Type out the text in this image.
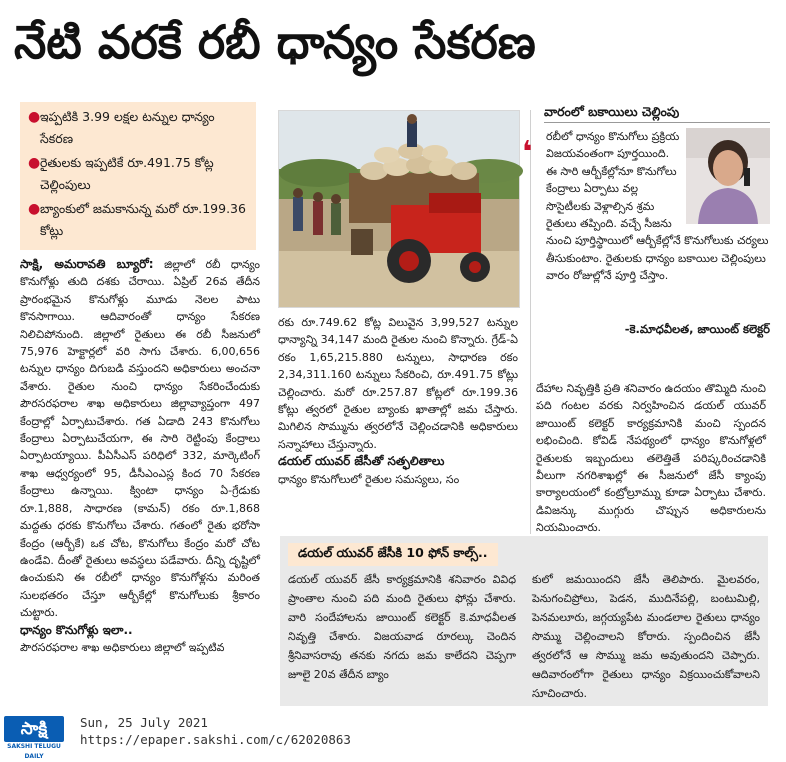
నేటి వరకే రబీ ధాన్యం సేకరణ
● ఇప్పటికి 3.99 లక్షల టన్నుల ధాన్యం సేకరణ
● రైతులకు ఇప్పటికే రూ.491.75 కోట్ల చెల్లింపులు
● బ్యాంకులో జమకానున్న మరో రూ.199.36 కోట్లు
సాక్షి, అమరావతి బ్యూరో: జిల్లాలో రబీ ధాన్యం కొనుగోళ్లు తుది దశకు చేరాయి. ఏప్రిల్ 26వ తేదీన ప్రారంభమైన కొనుగోళ్లు మూడు నెలల పాటు కొనసాగాయి. ఆదివారంతో ధాన్యం సేకరణ నిలిచిపోనుంది. జిల్లాలో రైతులు ఈ రబీ సీజనులో 75,976 హెక్టార్లలో వరి సాగు చేశారు. 6,00,656 టన్నుల ధాన్యం దిగుబడి వస్తుందని అధికారులు అంచనా వేశారు. రైతుల నుంచి ధాన్యం సేకరించేందుకు పౌరసరఫరాల శాఖ అధికారులు జిల్లావ్యాప్తంగా 497 కేంద్రాల్లో ఏర్పాటుచేశారు. గత ఏడాది 243 కొనుగోలు కేంద్రాలు ఏర్పాటుచేయగా, ఈ సారి రెట్టింపు కేంద్రాలు ఏర్పాటయ్యాయి. పీఏసీఎస్ పరిధిలో 332, మార్కెటింగ్ శాఖ ఆధ్వర్యంలో 95, డీసీఎంఎస్ల కింద 70 సేకరణ కేంద్రాలు ఉన్నాయి. క్వింటా ధాన్యం ఏ-గ్రేడుకు రూ.1,888, సాధారణ (కామన్) రకం రూ.1,868 మద్దతు ధరకు కొనుగోలు చేశారు. గతంలో రైతు భరోసా కేంద్రం (ఆర్బీకే) ఒక చోట, కొనుగోలు కేంద్రం మరో చోట ఉండేవి. దీంతో రైతులు అవస్థలు పడేవారు. దీన్ని దృష్టిలో ఉంచుకుని ఈ రబీలో ధాన్యం కొనుగోళ్లను మరింత సులభతరం చేస్తూ ఆర్బీకేల్లో కొనుగోలుకు శ్రీకారం చుట్టారు.
ధాన్యం కొనుగోళ్లు ఇలా..
పౌరసరఫరాల శాఖ అధికారులు జిల్లాలో ఇప్పటివ
రకు రూ.749.62 కోట్ల విలువైన 3,99,527 టన్నుల ధాన్యాన్ని 34,147 మంది రైతుల నుంచి కొన్నారు. గ్రేడ్-ఏ రకం 1,65,215.880 టన్నులు, సాధారణ రకం 2,34,311.160 టన్నులు సేకరించి, రూ.491.75 కోట్లు చెల్లించారు. మరో రూ.257.87 కోట్లలో రూ.199.36 కోట్లు త్వరలో రైతుల బ్యాంకు ఖాతాల్లో జమ చేస్తారు. మిగిలిన సొమ్మును త్వరలోనే చెల్లించడానికి అధికారులు సన్నాహాలు చేస్తున్నారు.
డయల్ యువర్ జేసీతో సత్ఫలితాలు
ధాన్యం కొనుగోలులో రైతుల సమస్యలు, సం
వారంలో బకాయిలు చెల్లింపు
❛ రబీలో ధాన్యం కొనుగోలు ప్రక్రియ విజయవంతంగా పూర్తయింది. ఈ సారి ఆర్బీకేల్లోనూ కొనుగోలు కేంద్రాలు ఏర్పాటు వల్ల సొసైటీలకు వెళ్లాల్సిన శ్రమ రైతులు తప్పింది. వచ్చే సీజను నుంచి పూర్తిస్థాయిలో ఆర్బీకేల్లోనే కొనుగోలుకు చర్యలు తీసుకుంటాం. రైతులకు ధాన్యం బకాయిల చెల్లింపులు వారం రోజుల్లోనే పూర్తి చేస్తాం.
-కె.మాధవీలత, జాయింట్ కలెక్టర్
దేహాల నివృత్తికి ప్రతి శనివారం ఉదయం తొమ్మిది నుంచి పది గంటల వరకు నిర్వహించిన డయల్ యువర్ జాయింట్ కలెక్టర్ కార్యక్రమానికి మంచి స్పందన లభించింది. కోవిడ్ నేపథ్యంలో ధాన్యం కొనుగోళ్లలో రైతులకు ఇబ్బందులు తలెత్తితే పరిష్కరించడానికి వీలుగా నగరిశాఖల్లో ఈ సీజనులో జేసీ క్యాంపు కార్యాలయంలో కంట్రోల్రూమ్ను కూడా ఏర్పాటు చేశారు. డివిజన్కు ముగ్గురు చొప్పున అధికారులను నియమించారు.
డయల్ యువర్ జేసీకి 10 ఫోన్ కాల్స్..
డయల్ యువర్ జేసీ కార్యక్రమానికి శనివారం వివిధ ప్రాంతాల నుంచి పది మంది రైతులు ఫోన్లు చేశారు. వారి సందేహాలను జాయింట్ కలెక్టర్ కె.మాధవీలత నివృత్తి చేశారు. విజయవాడ రూరల్కు చెందిన శ్రీనివాసరావు తనకు నగదు జమ కాలేదని చెప్పగా జూలై 20వ తేదీన బ్యాం
కులో జమయిందని జేసీ తెలిపారు. మైలవరం, పెనుగంచిప్రోలు, పెడన, ముదినేపల్లి, బంటుమిల్లి, పెనమలూరు, జగ్గయ్యపేట మండలాల రైతులు ధాన్యం సొమ్ము చెల్లించాలని కోరారు. స్పందించిన జేసీ త్వరలోనే ఆ సొమ్ము జమ అవుతుందని చెప్పారు. ఆదివారంలోగా రైతులు ధాన్యం విక్రయించుకోవాలని సూచించారు.
సాక్షి
SAKSHI TELUGU DAILY
Sun, 25 July 2021
https://epaper.sakshi.com/c/62020863
